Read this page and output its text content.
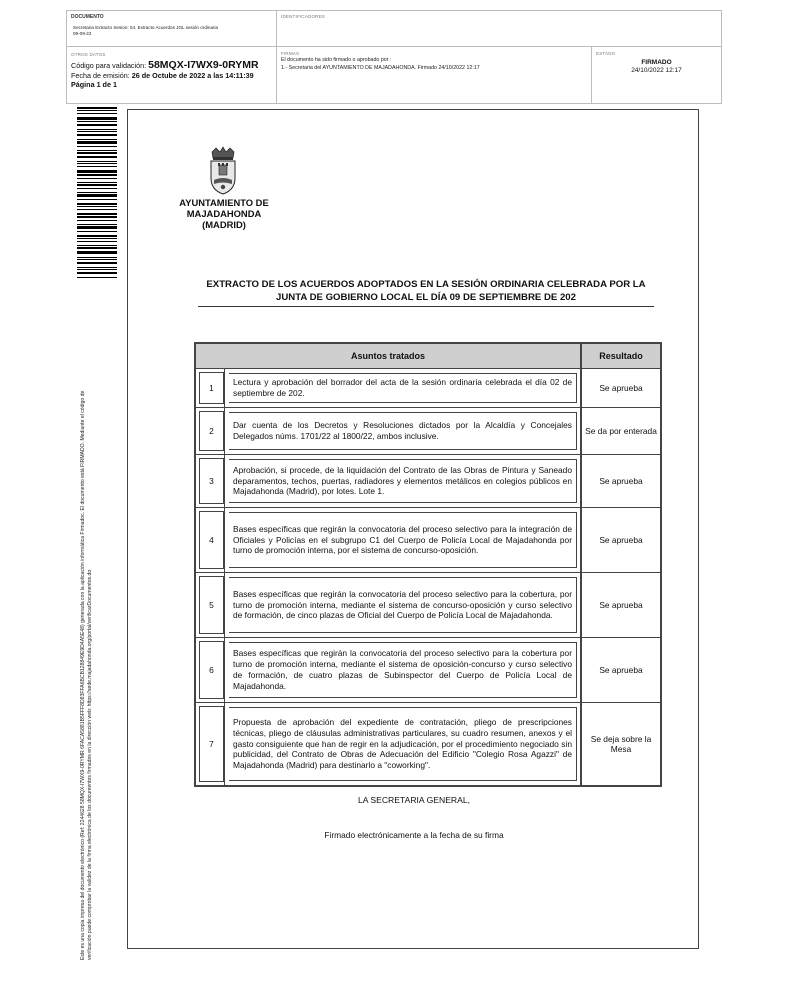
DOCUMENTO
Secretaria Extracto Sesion: 04. Extracto Acuerdos JGL sesión ordinaria 09-09-22
IDENTIFICADORES
OTROS DATOS
Código para validación: 58MQX-I7WX9-0RYMR
Fecha de emisión: 26 de Octube de 2022 a las 14:11:39
Página 1 de 1
FIRMAS
El documento ha sido firmado o aprobado por :
1.- Secretaria del AYUNTAMIENTO DE MAJADAHONDA. Firmado 24/10/2022 12:17
ESTADO
FIRMADO
24/10/2022 12:17
Este es una copia impresa del documento electrónico (Ref: 2244628 58MQX-I7WX9-0RYMR 6FACA5881B5FFF8D83FFA6BCB128849E9D4A5E48) generada con la aplicación informática Firmadoc. El documento está FIRMADO. Mediante el código de verificación puede comprobar la validez de la firma electrónica de los documentos firmados en la dirección web: https://sede.majadahonda.org/portal/verificarDocumentos.do
AYUNTAMIENTO DE
MAJADAHONDA
(MADRID)
EXTRACTO DE LOS ACUERDOS ADOPTADOS EN LA SESIÓN ORDINARIA CELEBRADA POR LA
JUNTA DE GOBIERNO LOCAL EL DÍA 09 DE SEPTIEMBRE DE 202
Asuntos tratados			Resultado

1		Lectura y aprobación del borrador del acta de la sesión ordinaria celebrada el día 02 de septiembre de 202.	Se aprueba

2		Dar cuenta de los Decretos y Resoluciones dictados por la Alcaldía y Concejales Delegados núms. 1701/22 al 1800/22, ambos inclusive.	Se da por enterada

3		Aprobación, si procede, de la liquidación del Contrato de las Obras de Pintura y Saneado deparamentos, techos, puertas, radiadores y elementos metálicos en colegios públicos en Majadahonda (Madrid), por lotes. Lote 1.	Se aprueba

4		Bases específicas que regirán la convocatoria del proceso selectivo para la integración de Oficiales y Policías en el subgrupo C1 del Cuerpo de Policía Local de Majadahonda por turno de promoción interna, por el sistema de concurso-oposición.	Se aprueba

5		Bases específicas que regirán la convocatoria del proceso selectivo para la cobertura, por turno de promoción interna, mediante el sistema de concurso-oposición y curso selectivo de formación, de cinco plazas de Oficial del Cuerpo de Policía Local de Majadahonda.	Se aprueba

6		Bases específicas que regirán la convocatoria del proceso selectivo para la cobertura por turno de promoción interna, mediante el sistema de oposición-concurso y curso selectivo de formación, de cuatro plazas de Subinspector del Cuerpo de Policía Local de Majadahonda.	Se aprueba

7		Propuesta de aprobación del expediente de contratación, pliego de prescripciones técnicas, pliego de cláusulas administrativas particulares, su cuadro resumen, anexos y el gasto consiguiente que han de regir en la adjudicación, por el procedimiento negociado sin publicidad, del Contrato de Obras de Adecuación del Edificio "Colegio Rosa Agazzi" de Majadahonda (Madrid) para destinarlo a "coworking".	Se deja sobre la Mesa
LA SECRETARIA GENERAL,
Firmado electrónicamente a la fecha de su firma
